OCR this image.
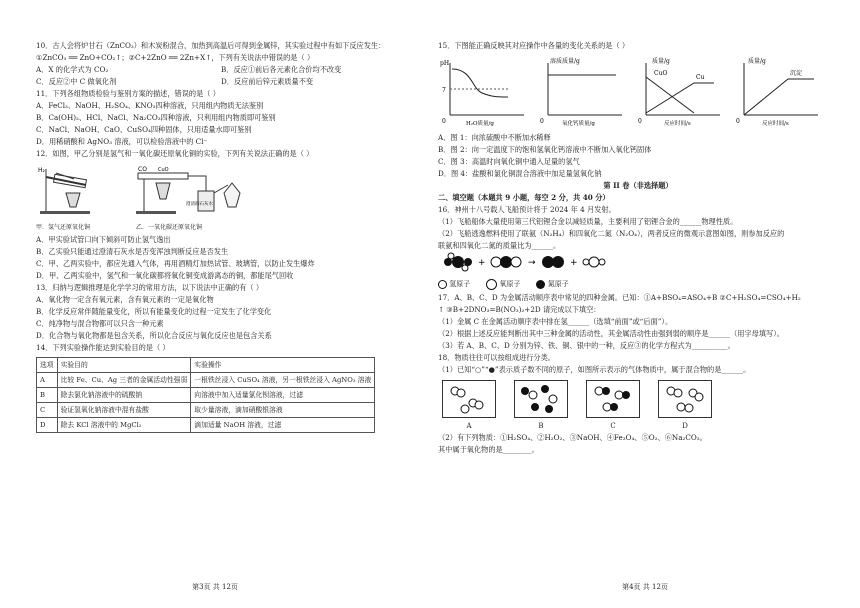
10．古人会将炉甘石（ZnCO₃）和木炭粉混合，加热到高温后可得到金属锌，其实验过程中有如下反应发生：
①ZnCO₃ ══ ZnO+CO₂↑；②C+2ZnO ══ 2Zn+X↑，下列有关说法中错误的是（ ）
A．X 的化学式为 CO₂	B．反应①前后各元素化合价均不改变
C．反应②中 C 做氧化剂	D．反应前后锌元素质量不变
11．下列各组物质检验与鉴别方案的描述，错误的是（ ）
A．FeCl₃、NaOH、H₂SO₄、KNO₃四种溶液，只用组内物质无法鉴别
B．Ca(OH)₂、HCl、NaCl、Na₂CO₃四种溶液，只利用组内物质即可鉴别
C．NaCl、NaOH、CaO、CuSO₄四种固体，只用适量水即可鉴别
D．用稀硝酸和 AgNO₃ 溶液，可以检验溶液中的 Cl⁻
12．如图，甲乙分别是氢气和一氧化碳还原氧化铜的实验，下列有关说法正确的是（ ）
H₂	CO CuO
澄清的石灰水
甲．氢气还原氧化铜	乙．一氧化碳还原氧化铜
A．甲实验试管口向下倾斜可防止氢气逸出
B．乙实验只能通过澄清石灰水是否变浑浊判断反应是否发生
C．甲、乙两实验中，都应先通入气体，再用酒精灯加热试管、玻璃管，以防止发生爆炸
D．甲、乙两实验中，氢气和一氧化碳都将氧化铜变成游离态的铜，都能尾气回收
13．归纳与逻辑推理是化学学习的常用方法，以下说法中正确的有（ ）
A．氧化物一定含有氧元素，含有氧元素的一定是氧化物
B．化学反应常伴随能量变化，所以有能量变化的过程一定发生了化学变化
C．纯净物与混合物都可以只含一种元素
D．化合物与氧化物都是包含关系，所以化合反应与氧化反应也是包含关系
14．下列实验操作能达到实验目的是（ ）
选项	实验目的	实验操作
A	比较 Fe、Cu、Ag 三者的金属活动性强弱	一根铁丝浸入 CuSO₄ 溶液，另一根铁丝浸入 AgNO₃ 溶液
B	除去氯化钠溶液中的硫酸钠	向溶液中加入适量氯化钡溶液，过滤
C	验证氢氧化钠溶液中混有盐酸	取少量溶液，滴加硝酸银溶液
D	除去 KCl 溶液中的 MgCl₂	滴加适量 NaOH 溶液，过滤
第3页 共 12页
15．下图能正确反映其对应操作中各量的变化关系的是（ ）
pH
7
0	H₂O质量/g
溶质质量/g
0	氧化钙质量/g
质量/g
CuO
Cu
0	反应时间/s
质量/g
沉淀
0	反应时间/s
A．图 1：向浓硫酸中不断加水稀释
B．图 2：向一定温度下的饱和氢氧化钙溶液中不断加入氧化钙固体
C．图 3：高温时向氧化铜中通入足量的氢气
D．图 4：盐酸和氯化铜混合溶液中加足量氢氧化钠
第 II 卷（非选择题）
二、填空题（本题共 9 小题，每空 2 分，共 40 分）
16．神州十八号载人飞船预计将于 2024 年 4 月发射。
（1）飞船船体大量使用第三代铝锂合金以减轻质量，主要利用了铝锂合金的______物理性质。
（2）飞船逃逸燃料使用了联氨（N₂H₄）和四氧化二氮（N₂O₄），两者反应的微观示意图如图，则参加反应的
联氨和四氧化二氮的质量比为______。
+	→	+
氢原子	氧原子	氮原子
17．A、B、C、D 为金属活动顺序表中常见的四种金属。已知：①A+BSO₄=ASO₄+B ②C+H₂SO₄=CSO₄+H₂
↑ ③B+2DNO₃=B(NO₃)₂+2D 请完成以下填空：
（1）金属 C 在金属活动顺序表中排在氢______（选填“前面”或“后面”）。
（2）根据上述反应能判断出其中三种金属的活动性，其金属活动性由强到弱的顺序是______（用字母填写）。
（3）若 A、B、C、D 分别为锌、铁、铜、银中的一种，反应③的化学方程式为__________。
18．物质往往可以按组成进行分类。
（1）已知“○”“●”表示质子数不同的原子，如图所示表示的气体物质中，属于混合物的是______。
A	B	C	D
（2）有下列物质：①H₂SO₄、②H₂O₂、③NaOH、④Fe₃O₄、⑤O₂、⑥Na₂CO₃。
其中属于氧化物的是________。
第4页 共 12页
